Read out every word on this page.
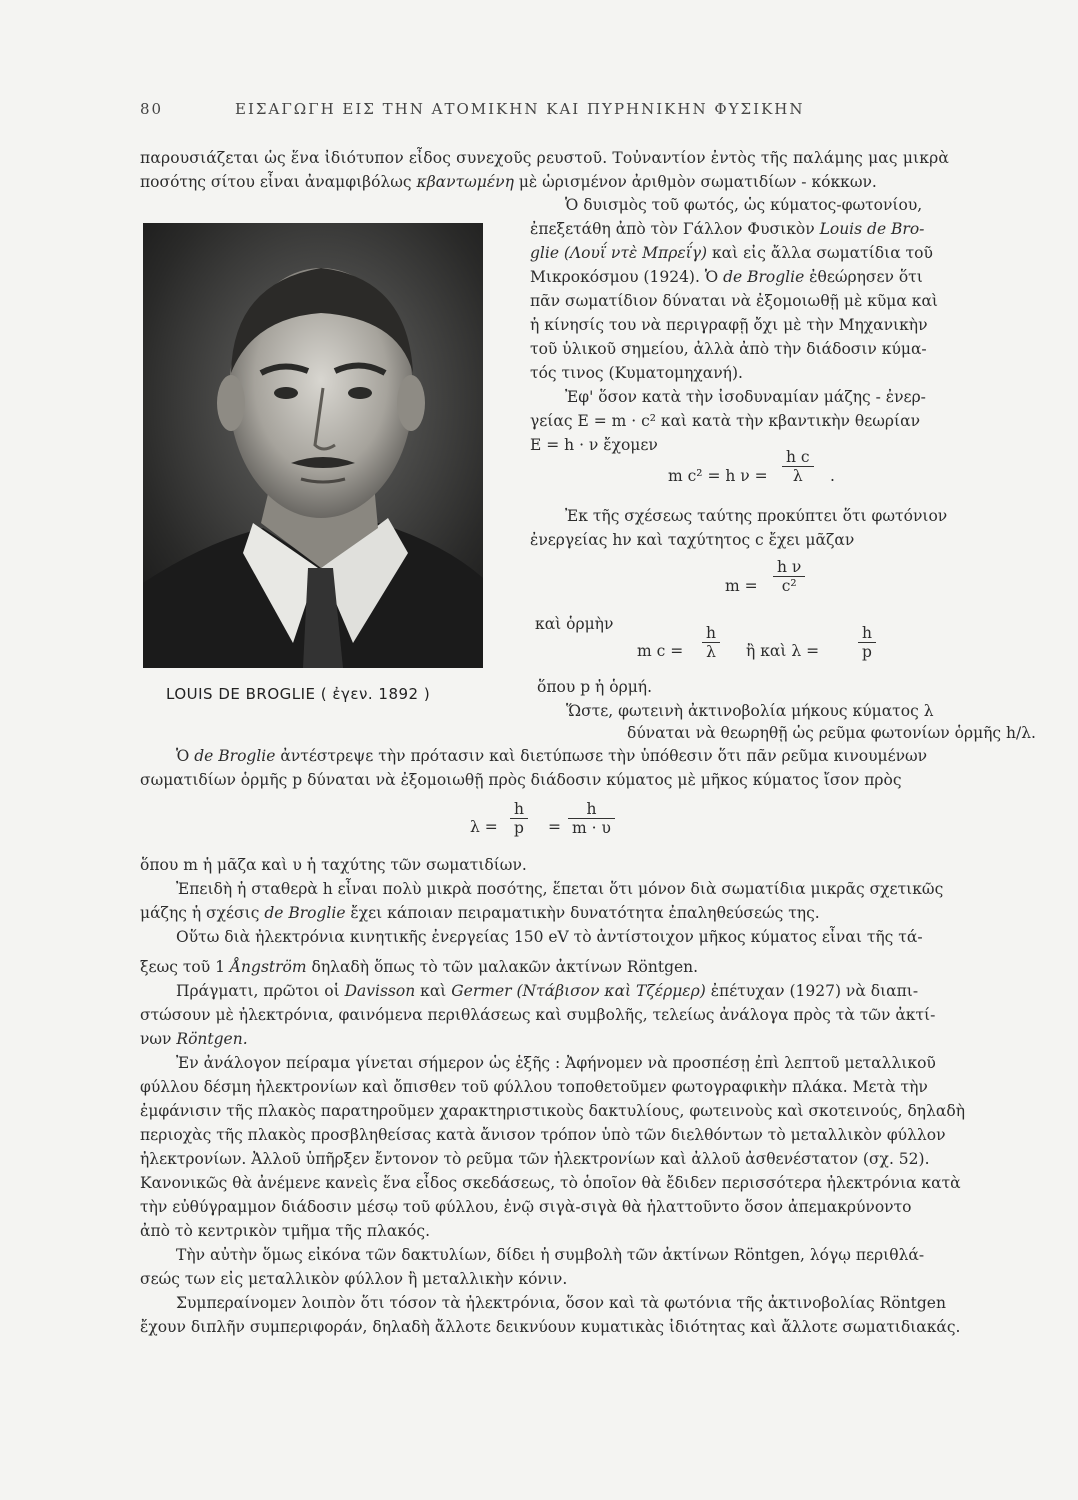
80	ΕΙΣΑΓΩΓΗ ΕΙΣ ΤΗΝ ΑΤΟΜΙΚΗΝ ΚΑΙ ΠΥΡΗΝΙΚΗΝ ΦΥΣΙΚΗΝ
παρουσιάζεται ὡς ἕνα ἰδιότυπον εἶδος συνεχοῦς ρευστοῦ. Τοὐναντίον ἐντὸς τῆς παλάμης μας μικρὰ
ποσότης σίτου εἶναι ἀναμφιβόλως κβαντωμένη μὲ ὡρισμένον ἀριθμὸν σωματιδίων - κόκκων.
LOUIS DE BROGLIE ( ἐγεν. 1892 )
Ὁ δυισμὸς τοῦ φωτός, ὡς κύματος-φωτονίου,
ἐπεξετάθη ἀπὸ τὸν Γάλλον Φυσικὸν Louis de Bro-
glie (Λουΐ ντὲ Μπρεΐγ) καὶ εἰς ἄλλα σωματίδια τοῦ
Μικροκόσμου (1924). Ὁ de Broglie ἐθεώρησεν ὅτι
πᾶν σωματίδιον δύναται νὰ ἐξομοιωθῇ μὲ κῦμα καὶ
ἡ κίνησίς του νὰ περιγραφῇ ὄχι μὲ τὴν Μηχανικὴν
τοῦ ὑλικοῦ σημείου, ἀλλὰ ἀπὸ τὴν διάδοσιν κύμα-
τός τινος (Κυματομηχανή).
Ἐφ' ὅσον κατὰ τὴν ἰσοδυναμίαν μάζης - ἐνερ-
γείας E = m · c² καὶ κατὰ τὴν κβαντικὴν θεωρίαν
E = h · ν ἔχομεν
m c² = h $\nu = \frac{\text{h c}}{\lambda}$ .
Ἐκ τῆς σχέσεως ταύτης προκύπτει ὅτι φωτόνιον
ἐνεργείας hν καὶ ταχύτητος c ἔχει μᾶζαν
$m = \frac{\text{h ν}}{\text{c²}}$
καὶ ὁρμὴν
m $c = \frac{h}{\lambda}$ ἢ καὶ λ =	$\frac{h}{p}$
ὅπου p ἡ ὁρμή.
Ὥστε, φωτεινὴ ἀκτινοβολία μήκους κύματος λ
δύναται νὰ θεωρηθῇ ὡς ρεῦμα φωτονίων ὁρμῆς h/λ.
Ὁ de Broglie ἀντέστρεψε τὴν πρότασιν καὶ διετύπωσε τὴν ὑπόθεσιν ὅτι πᾶν ρεῦμα κινουμένων
σωματιδίων ὁρμῆς p δύναται νὰ ἐξομοιωθῇ πρὸς διάδοσιν κύματος μὲ μῆκος κύματος ἴσον πρὸς
$\lambda = \frac{h}{p} = \frac{h}{m \cdot \upsilon}$
ὅπου m ἡ μᾶζα καὶ υ ἡ ταχύτης τῶν σωματιδίων.
Ἐπειδὴ ἡ σταθερὰ h εἶναι πολὺ μικρὰ ποσότης, ἕπεται ὅτι μόνον διὰ σωματίδια μικρᾶς σχετικῶς
μάζης ἡ σχέσις de Broglie ἔχει κάποιαν πειραματικὴν δυνατότητα ἐπαληθεύσεώς της.
Οὕτω διὰ ἠλεκτρόνια κινητικῆς ἐνεργείας 150 eV τὸ ἀντίστοιχον μῆκος κύματος εἶναι τῆς τά-
ξεως τοῦ 1 Ångström δηλαδὴ ὅπως τὸ τῶν μαλακῶν ἀκτίνων Röntgen.
Πράγματι, πρῶτοι οἱ Davisson καὶ Germer (Ντάβισον καὶ Τζέρμερ) ἐπέτυχαν (1927) νὰ διαπι-
στώσουν μὲ ἠλεκτρόνια, φαινόμενα περιθλάσεως καὶ συμβολῆς, τελείως ἀνάλογα πρὸς τὰ τῶν ἀκτί-
νων Röntgen.
Ἐν ἀνάλογον πείραμα γίνεται σήμερον ὡς ἑξῆς : Ἀφήνομεν νὰ προσπέσῃ ἐπὶ λεπτοῦ μεταλλικοῦ
φύλλου δέσμη ἠλεκτρονίων καὶ ὄπισθεν τοῦ φύλλου τοποθετοῦμεν φωτογραφικὴν πλάκα. Μετὰ τὴν
ἐμφάνισιν τῆς πλακὸς παρατηροῦμεν χαρακτηριστικοὺς δακτυλίους, φωτεινοὺς καὶ σκοτεινούς, δηλαδὴ
περιοχὰς τῆς πλακὸς προσβληθείσας κατὰ ἄνισον τρόπον ὑπὸ τῶν διελθόντων τὸ μεταλλικὸν φύλλον
ἠλεκτρονίων. Ἀλλοῦ ὑπῆρξεν ἔντονον τὸ ρεῦμα τῶν ἠλεκτρονίων καὶ ἀλλοῦ ἀσθενέστατον (σχ. 52).
Κανονικῶς θὰ ἀνέμενε κανεὶς ἕνα εἶδος σκεδάσεως, τὸ ὁποῖον θὰ ἔδιδεν περισσότερα ἠλεκτρόνια κατὰ
τὴν εὐθύγραμμον διάδοσιν μέσῳ τοῦ φύλλου, ἐνῷ σιγὰ-σιγὰ θὰ ἠλαττοῦντο ὅσον ἀπεμακρύνοντο
ἀπὸ τὸ κεντρικὸν τμῆμα τῆς πλακός.
Τὴν αὐτὴν ὅμως εἰκόνα τῶν δακτυλίων, δίδει ἡ συμβολὴ τῶν ἀκτίνων Röntgen, λόγῳ περιθλά-
σεώς των εἰς μεταλλικὸν φύλλον ἢ μεταλλικὴν κόνιν.
Συμπεραίνομεν λοιπὸν ὅτι τόσον τὰ ἠλεκτρόνια, ὅσον καὶ τὰ φωτόνια τῆς ἀκτινοβολίας Röntgen
ἔχουν διπλῆν συμπεριφοράν, δηλαδὴ ἄλλοτε δεικνύουν κυματικὰς ἰδιότητας καὶ ἄλλοτε σωματιδιακάς.
